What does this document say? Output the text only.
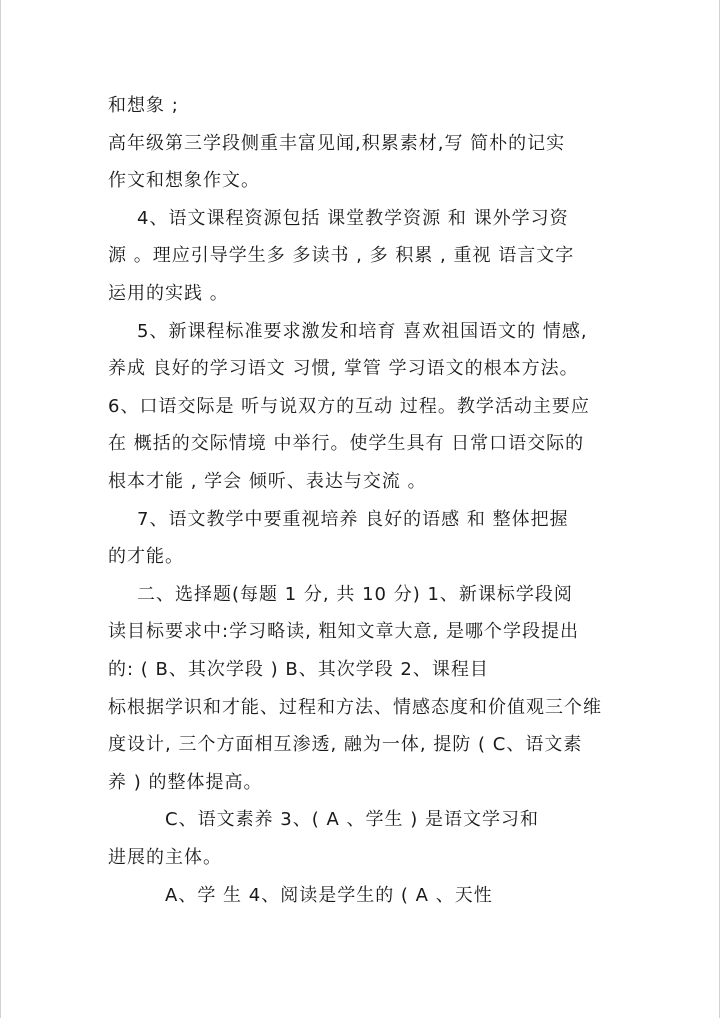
和想象 ;
高年级第三学段侧重丰富见闻,积累素材,写 简朴的记实
作文和想象作文。
4、语文课程资源包括 课堂教学资源 和 课外学习资
源 。理应引导学生多 多读书 , 多 积累 , 重视 语言文字
运用的实践 。
5、新课程标准要求激发和培育 喜欢祖国语文的 情感,
养成 良好的学习语文 习惯, 掌管 学习语文的根本方法。
6、口语交际是 听与说双方的互动 过程。教学活动主要应
在 概括的交际情境 中举行。使学生具有 日常口语交际的
根本才能 , 学会 倾听、表达与交流 。
7、语文教学中要重视培养 良好的语感 和 整体把握
的才能。
二、选择题(每题 1 分, 共 10 分) 1、新课标学段阅
读目标要求中:学习略读, 粗知文章大意, 是哪个学段提出
的: ( B、其次学段 ) B、其次学段 2、课程目
标根据学识和才能、过程和方法、情感态度和价值观三个维
度设计, 三个方面相互渗透, 融为一体, 提防 ( C、语文素
养 ) 的整体提高。
C、语文素养 3、( A 、学生 ) 是语文学习和
进展的主体。
A、学 生 4、阅读是学生的 ( A 、天性
